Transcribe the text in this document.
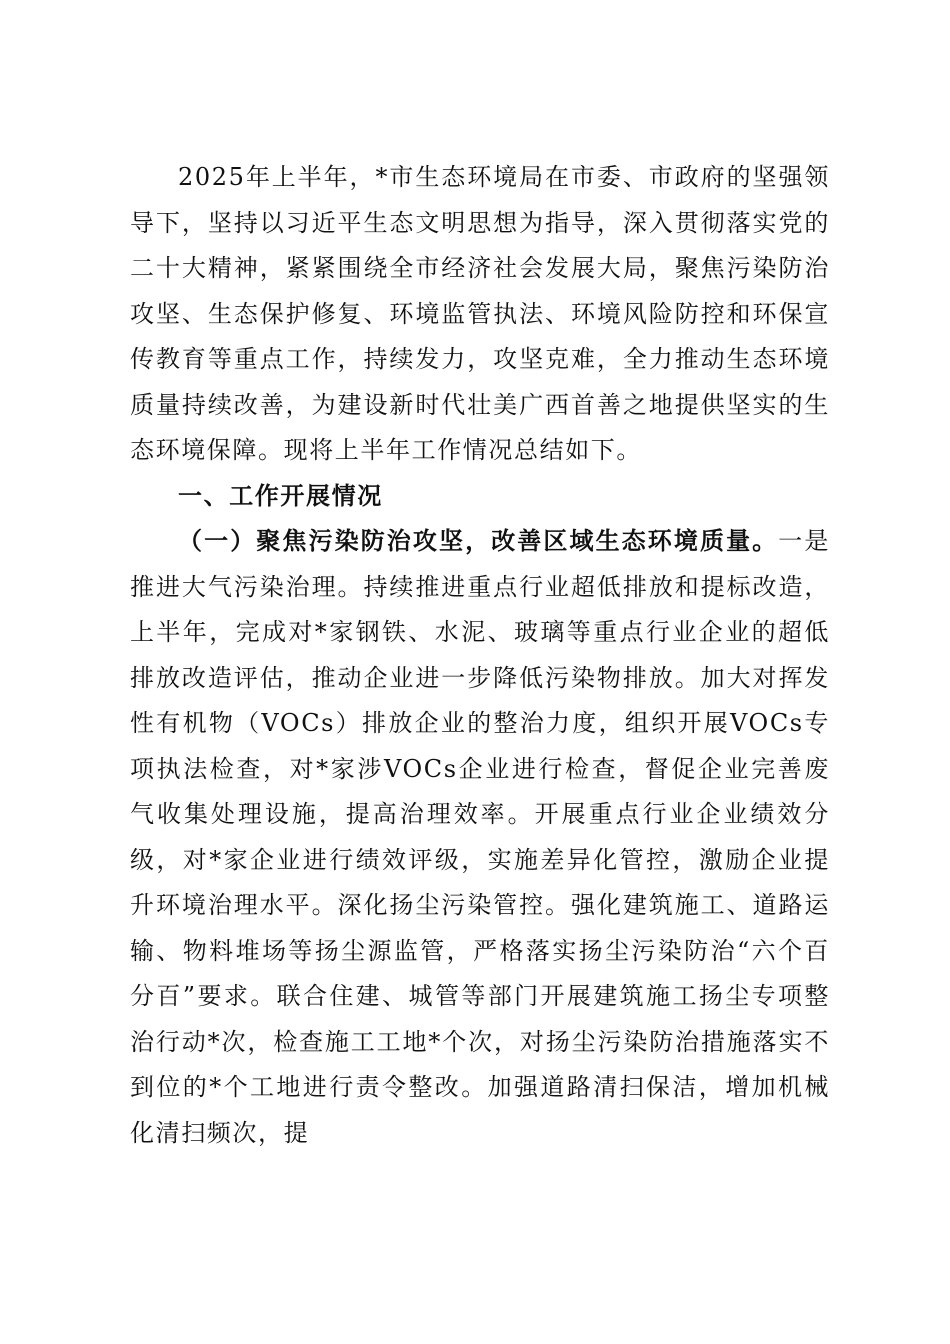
2025年上半年，*市生态环境局在市委、市政府的坚强领导下，坚持以习近平生态文明思想为指导，深入贯彻落实党的二十大精神，紧紧围绕全市经济社会发展大局，聚焦污染防治攻坚、生态保护修复、环境监管执法、环境风险防控和环保宣传教育等重点工作，持续发力，攻坚克难，全力推动生态环境质量持续改善，为建设新时代壮美广西首善之地提供坚实的生态环境保障。现将上半年工作情况总结如下。

一、工作开展情况

（一）聚焦污染防治攻坚，改善区域生态环境质量。一是推进大气污染治理。持续推进重点行业超低排放和提标改造，上半年，完成对*家钢铁、水泥、玻璃等重点行业企业的超低排放改造评估，推动企业进一步降低污染物排放。加大对挥发性有机物（VOCs）排放企业的整治力度，组织开展VOCs专项执法检查，对*家涉VOCs企业进行检查，督促企业完善废气收集处理设施，提高治理效率。开展重点行业企业绩效分级，对*家企业进行绩效评级，实施差异化管控，激励企业提升环境治理水平。深化扬尘污染管控。强化建筑施工、道路运输、物料堆场等扬尘源监管，严格落实扬尘污染防治“六个百分百”要求。联合住建、城管等部门开展建筑施工扬尘专项整治行动*次，检查施工工地*个次，对扬尘污染防治措施落实不到位的*个工地进行责令整改。加强道路清扫保洁，增加机械化清扫频次，提
